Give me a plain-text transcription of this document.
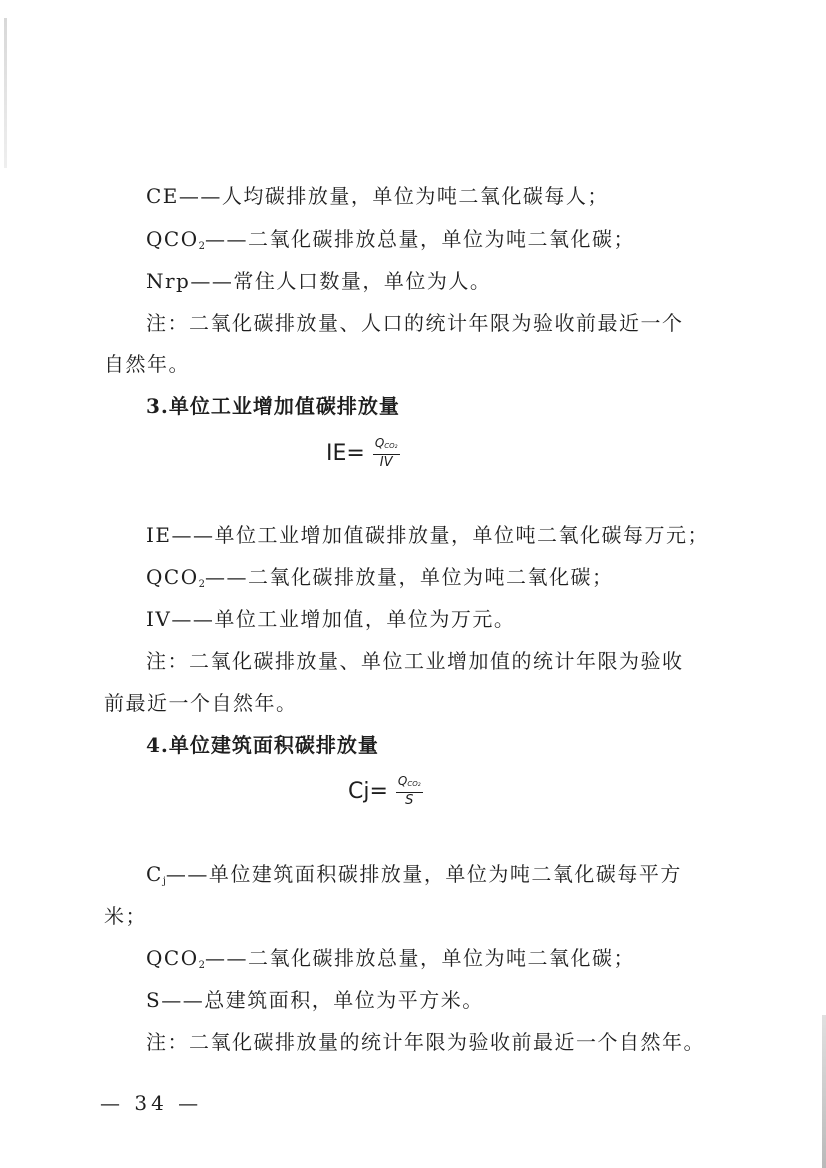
CE——人均碳排放量，单位为吨二氧化碳每人；
$QCO_2——$二氧化碳排放总量，单位为吨二氧化碳；
Nrp——常住人口数量，单位为人。
注：二氧化碳排放量、人口的统计年限为验收前最近一个
自然年。
3.单位工业增加值碳排放量
$IE= \frac{\text{QCO₂}}{IV}$
IE——单位工业增加值碳排放量，单位吨二氧化碳每万元；
$QCO_2——$二氧化碳排放量，单位为吨二氧化碳；
IV——单位工业增加值，单位为万元。
注：二氧化碳排放量、单位工业增加值的统计年限为验收
前最近一个自然年。
4.单位建筑面积碳排放量
$Cj= \frac{\text{QCO₂}}{S}$
$C_j——$单位建筑面积碳排放量，单位为吨二氧化碳每平方
米；
$QCO_2——$二氧化碳排放总量，单位为吨二氧化碳；
S——总建筑面积，单位为平方米。
注：二氧化碳排放量的统计年限为验收前最近一个自然年。
— 34 —
